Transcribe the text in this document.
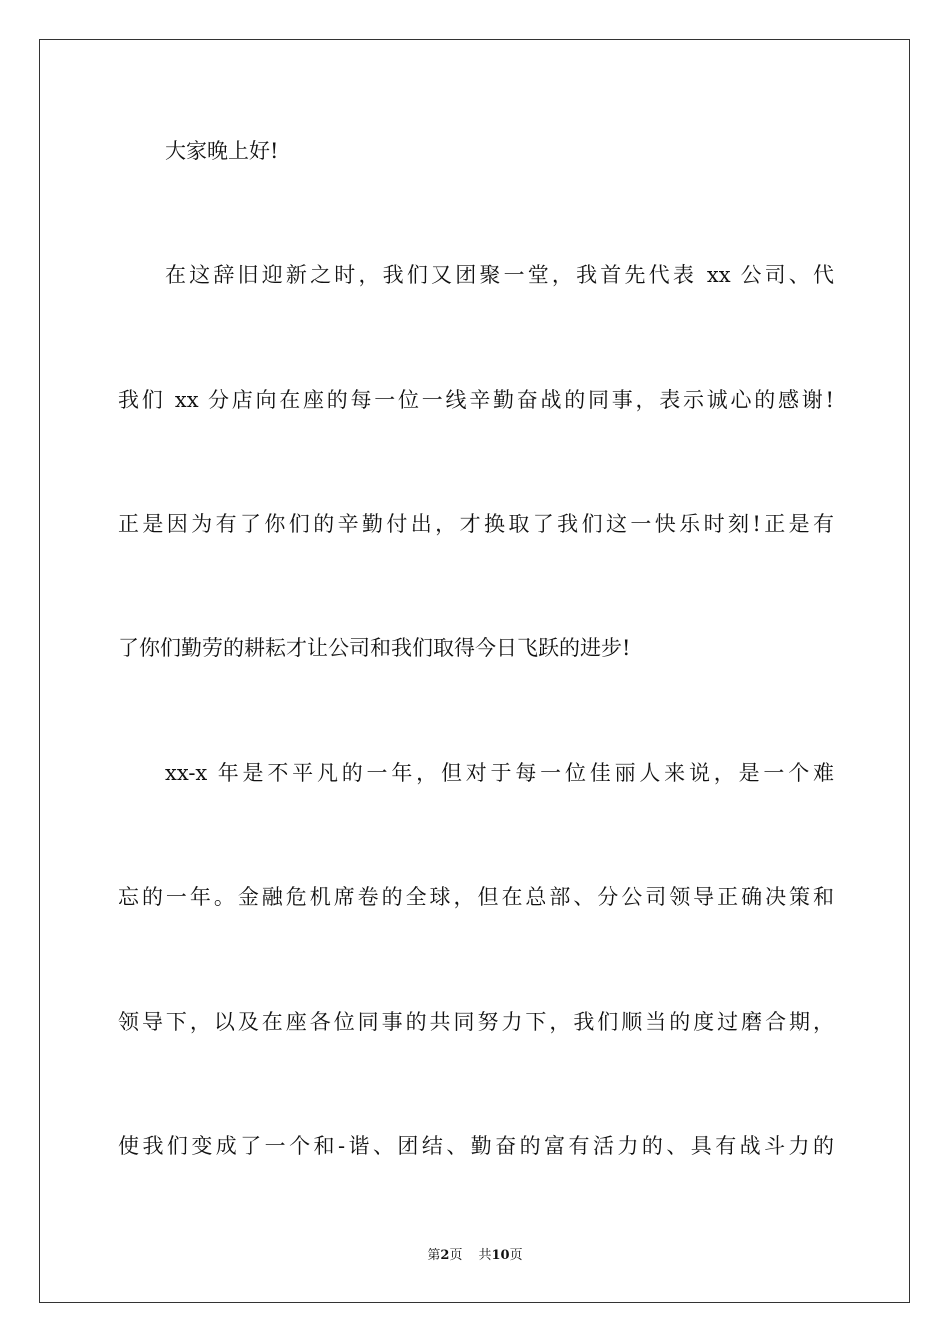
大家晚上好!
在这辞旧迎新之时，我们又团聚一堂，我首先代表 xx 公司、代
我们 xx 分店向在座的每一位一线辛勤奋战的同事，表示诚心的感谢!
正是因为有了你们的辛勤付出，才换取了我们这一快乐时刻!正是有
了你们勤劳的耕耘才让公司和我们取得今日飞跃的进步!
xx-x 年是不平凡的一年，但对于每一位佳丽人来说，是一个难
忘的一年。金融危机席卷的全球，但在总部、分公司领导正确决策和
领导下，以及在座各位同事的共同努力下，我们顺当的度过磨合期，
使我们变成了一个和-谐、团结、勤奋的富有活力的、具有战斗力的
第2页 共10页
